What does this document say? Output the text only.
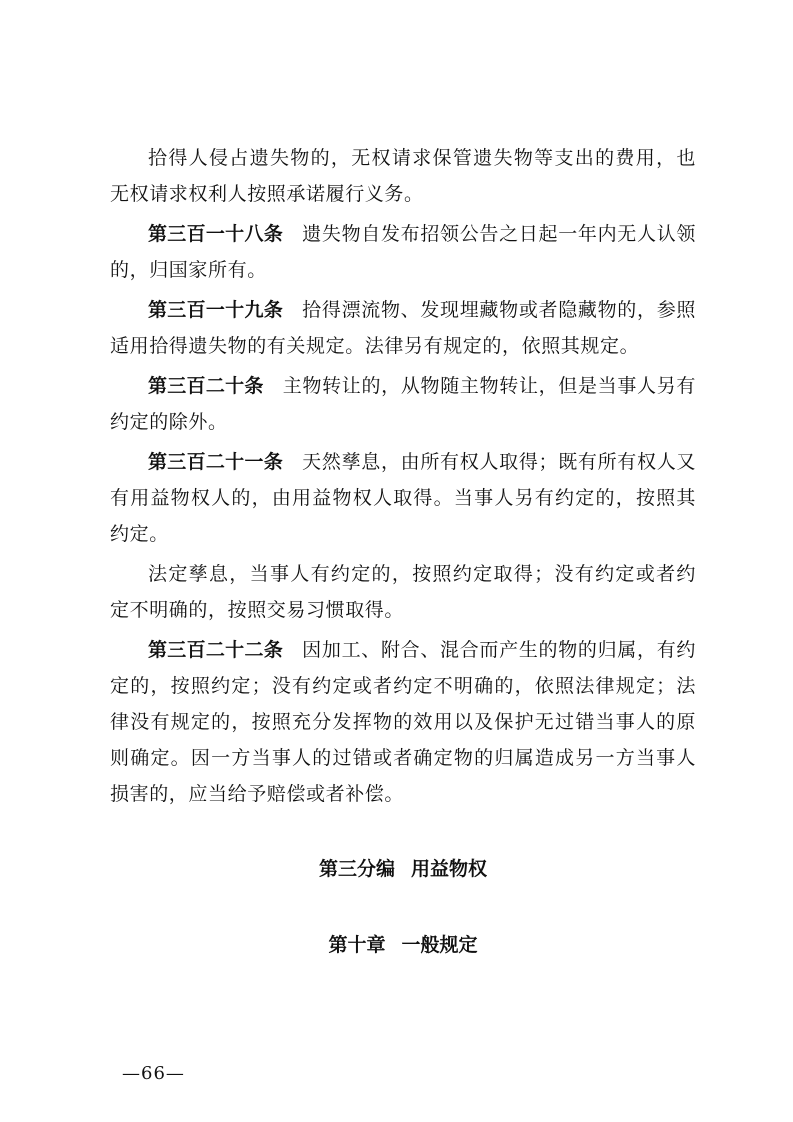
拾得人侵占遗失物的，无权请求保管遗失物等支出的费用，也无权请求权利人按照承诺履行义务。

第三百一十八条 遗失物自发布招领公告之日起一年内无人认领的，归国家所有。

第三百一十九条 拾得漂流物、发现埋藏物或者隐藏物的，参照适用拾得遗失物的有关规定。法律另有规定的，依照其规定。

第三百二十条 主物转让的，从物随主物转让，但是当事人另有约定的除外。

第三百二十一条 天然孳息，由所有权人取得；既有所有权人又有用益物权人的，由用益物权人取得。当事人另有约定的，按照其约定。

法定孳息，当事人有约定的，按照约定取得；没有约定或者约定不明确的，按照交易习惯取得。

第三百二十二条 因加工、附合、混合而产生的物的归属，有约定的，按照约定；没有约定或者约定不明确的，依照法律规定；法律没有规定的，按照充分发挥物的效用以及保护无过错当事人的原则确定。因一方当事人的过错或者确定物的归属造成另一方当事人损害的，应当给予赔偿或者补偿。

第三分编 用益物权
第十章 一般规定
—66—
